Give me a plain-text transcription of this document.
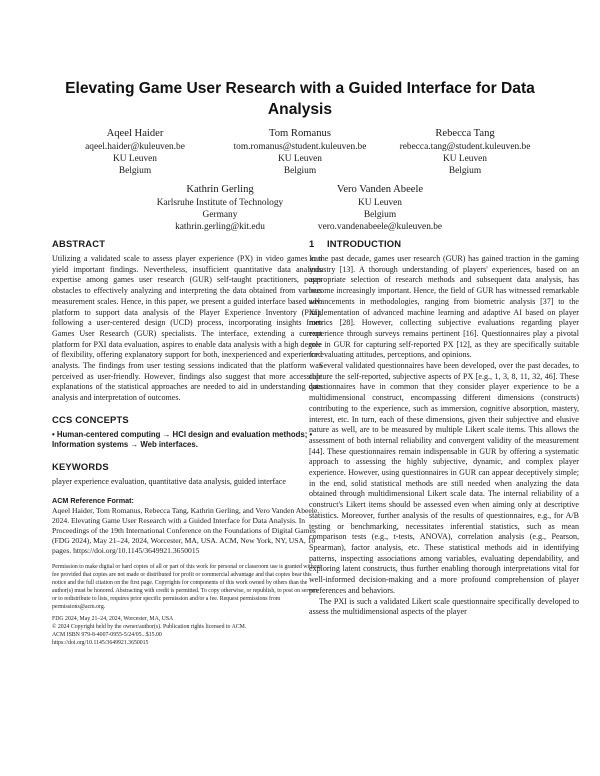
Elevating Game User Research with a Guided Interface for Data Analysis
Aqeel Haider
aqeel.haider@kuleuven.be
KU Leuven
Belgium
Tom Romanus
tom.romanus@student.kuleuven.be
KU Leuven
Belgium
Rebecca Tang
rebecca.tang@student.kuleuven.be
KU Leuven
Belgium
Kathrin Gerling
Karlsruhe Institute of Technology
Germany
kathrin.gerling@kit.edu
Vero Vanden Abeele
KU Leuven
Belgium
vero.vandenabeele@kuleuven.be
ABSTRACT

Utilizing a validated scale to assess player experience (PX) in video games can yield important findings. Nevertheless, insufficient quantitative data analysis expertise among games user research (GUR) self-taught practitioners, poses obstacles to effectively analyzing and interpreting the data obtained from various measurement scales. Hence, in this paper, we present a guided interface based web platform to support data analysis of the Player Experience Inventory (PXI), following a user-centered design (UCD) process, incorporating insights from Games User Research (GUR) specialists. The interface, extending a current platform for PXI data evaluation, aspires to enable data analysis with a high degree of flexibility, offering explanatory support for both, inexperienced and experienced analysts. The findings from user testing sessions indicated that the platform was perceived as user-friendly. However, findings also suggest that more accessible explanations of the statistical approaches are needed to aid in understanding data analysis and interpretation of outcomes.

CCS CONCEPTS

• Human-centered computing → HCI design and evaluation methods; • Information systems → Web interfaces.

KEYWORDS

player experience evaluation, quantitative data analysis, guided interface

ACM Reference Format:

Aqeel Haider, Tom Romanus, Rebecca Tang, Kathrin Gerling, and Vero Vanden Abeele. 2024. Elevating Game User Research with a Guided Interface for Data Analysis. In Proceedings of the 19th International Conference on the Foundations of Digital Games (FDG 2024), May 21–24, 2024, Worcester, MA, USA. ACM, New York, NY, USA, 10 pages. https://doi.org/10.1145/3649921.3650015

Permission to make digital or hard copies of all or part of this work for personal or classroom use is granted without fee provided that copies are not made or distributed for profit or commercial advantage and that copies bear this notice and the full citation on the first page. Copyrights for components of this work owned by others than the author(s) must be honored. Abstracting with credit is permitted. To copy otherwise, or republish, to post on servers or to redistribute to lists, requires prior specific permission and/or a fee. Request permissions from permissions@acm.org.

FDG 2024, May 21–24, 2024, Worcester, MA, USA
© 2024 Copyright held by the owner/author(s). Publication rights licensed to ACM.
ACM ISBN 979-8-4007-0955-5/24/05...$15.00
https://doi.org/10.1145/3649921.3650015
1 INTRODUCTION

In the past decade, games user research (GUR) has gained traction in the gaming industry [13]. A thorough understanding of players' experiences, based on an appropriate selection of research methods and subsequent data analysis, has become increasingly important. Hence, the field of GUR has witnessed remarkable advancements in methodologies, ranging from biometric analysis [37] to the implementation of advanced machine learning and adaptive AI based on player metrics [28]. However, collecting subjective evaluations regarding player experience through surveys remains pertinent [16]. Questionnaires play a pivotal role in GUR for capturing self-reported PX [12], as they are specifically suitable for evaluating attitudes, perceptions, and opinions.

Several validated questionnaires have been developed, over the past decades, to capture the self-reported, subjective aspects of PX [e.g., 1, 3, 8, 11, 32, 46]. These questionnaires have in common that they consider player experience to be a multidimensional construct, encompassing different dimensions (constructs) contributing to the experience, such as immersion, cognitive absorption, mastery, interest, etc. In turn, each of these dimensions, given their subjective and elusive nature as well, are to be measured by multiple Likert scale items. This allows the assessment of both internal reliability and convergent validity of the measurement [44]. These questionnaires remain indispensable in GUR by offering a systematic approach to assessing the highly subjective, dynamic, and complex player experience. However, using questionnaires in GUR can appear deceptively simple; in the end, solid statistical methods are still needed when analyzing the data obtained through multidimensional Likert scale data. The internal reliability of a construct's Likert items should be assessed even when aiming only at descriptive statistics. Moreover, further analysis of the results of questionnaires, e.g., for A/B testing or benchmarking, necessitates inferential statistics, such as mean comparison tests (e.g., t-tests, ANOVA), correlation analysis (e.g., Pearson, Spearman), factor analysis, etc. These statistical methods aid in identifying patterns, inspecting associations among variables, evaluating dependability, and exploring latent constructs, thus further enabling thorough interpretations vital for well-informed decision-making and a more profound comprehension of player preferences and behaviors.

The PXI is such a validated Likert scale questionnaire specifically developed to assess the multidimensional aspects of the player
